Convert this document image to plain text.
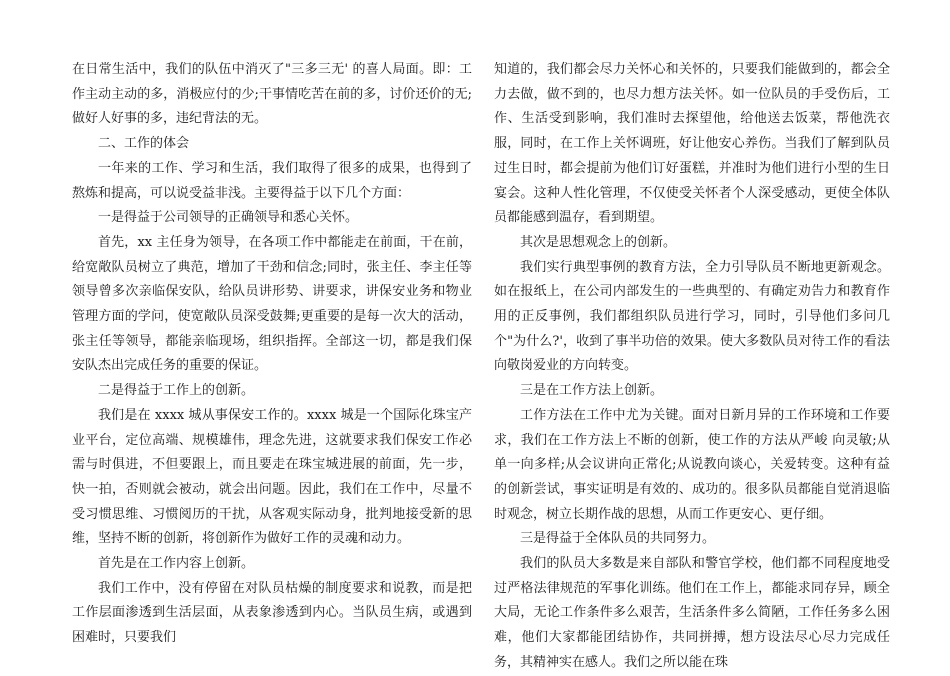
在日常生活中，我们的队伍中消灭了"三多三无' 的喜人局面。即：工作主动主动的多，消极应付的少;干事情吃苦在前的多，讨价还价的无;做好人好事的多，违纪背法的无。

二、工作的体会

一年来的工作、学习和生活，我们取得了很多的成果，也得到了熬炼和提高，可以说受益非浅。主要得益于以下几个方面：

一是得益于公司领导的正确领导和悉心关怀。

首先，xx 主任身为领导，在各项工作中都能走在前面，干在前，给宽敞队员树立了典范，增加了干劲和信念;同时，张主任、李主任等领导曾多次亲临保安队，给队员讲形势、讲要求，讲保安业务和物业管理方面的学问，使宽敞队员深受鼓舞;更重要的是每一次大的活动，张主任等领导，都能亲临现场，组织指挥。全部这一切，都是我们保安队杰出完成任务的重要的保证。

二是得益于工作上的创新。

我们是在 xxxx 城从事保安工作的。xxxx 城是一个国际化珠宝产业平台，定位高端、规模雄伟，理念先进，这就要求我们保安工作必需与时俱进，不但要跟上，而且要走在珠宝城进展的前面，先一步，快一拍，否则就会被动，就会出问题。因此，我们在工作中，尽量不受习惯思维、习惯阅历的干扰，从客观实际动身，批判地接受新的思维，坚持不断的创新，将创新作为做好工作的灵魂和动力。

首先是在工作内容上创新。

我们工作中，没有停留在对队员枯燥的制度要求和说教，而是把工作层面渗透到生活层面，从表象渗透到内心。当队员生病，或遇到困难时，只要我们

知道的，我们都会尽力关怀心和关怀的，只要我们能做到的，都会全力去做，做不到的，也尽力想方法关怀。如一位队员的手受伤后，工作、生活受到影响，我们准时去探望他，给他送去饭菜，帮他洗衣服，同时，在工作上关怀调班，好让他安心养伤。当我们了解到队员过生日时，都会提前为他们订好蛋糕，并准时为他们进行小型的生日宴会。这种人性化管理，不仅使受关怀者个人深受感动，更使全体队员都能感到温存，看到期望。

其次是思想观念上的创新。

我们实行典型事例的教育方法，全力引导队员不断地更新观念。如在报纸上，在公司内部发生的一些典型的、有确定劝告力和教育作用的正反事例，我们都组织队员进行学习，同时，引导他们多问几个"为什么?'，收到了事半功倍的效果。使大多数队员对待工作的看法向敬岗爱业的方向转变。

三是在工作方法上创新。

工作方法在工作中尤为关键。面对日新月异的工作环境和工作要求，我们在工作方法上不断的创新，使工作的方法从严峻 向灵敏;从单一向多样;从会议讲向正常化;从说教向谈心，关爱转变。这种有益的创新尝试，事实证明是有效的、成功的。很多队员都能自觉消退临时观念，树立长期作战的思想，从而工作更安心、更仔细。

三是得益于全体队员的共同努力。

我们的队员大多数是来自部队和警官学校，他们都不同程度地受过严格法律规范的军事化训练。他们在工作上，都能求同存异，顾全大局，无论工作条件多么艰苦，生活条件多么简陋，工作任务多么困难，他们大家都能团结协作，共同拼搏，想方设法尽心尽力完成任务，其精神实在感人。我们之所以能在珠
